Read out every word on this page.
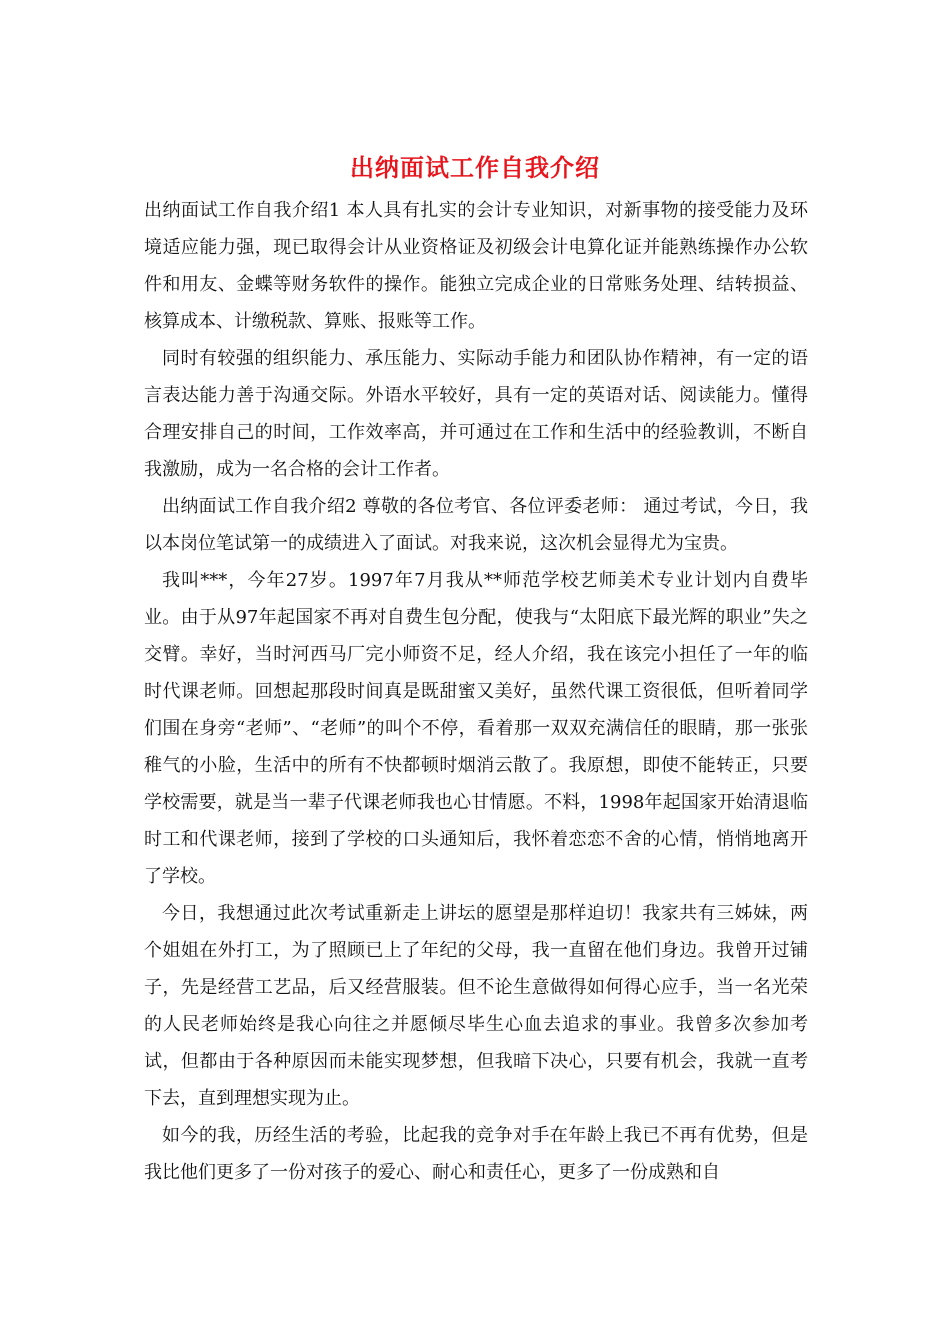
出纳面试工作自我介绍

出纳面试工作自我介绍1 本人具有扎实的会计专业知识，对新事物的接受能力及环境适应能力强，现已取得会计从业资格证及初级会计电算化证并能熟练操作办公软件和用友、金蝶等财务软件的操作。能独立完成企业的日常账务处理、结转损益、核算成本、计缴税款、算账、报账等工作。

同时有较强的组织能力、承压能力、实际动手能力和团队协作精神，有一定的语言表达能力善于沟通交际。外语水平较好，具有一定的英语对话、阅读能力。懂得合理安排自己的时间，工作效率高，并可通过在工作和生活中的经验教训，不断自我激励，成为一名合格的会计工作者。

出纳面试工作自我介绍2 尊敬的各位考官、各位评委老师： 通过考试，今日，我以本岗位笔试第一的成绩进入了面试。对我来说，这次机会显得尤为宝贵。

我叫***，今年27岁。1997年7月我从**师范学校艺师美术专业计划内自费毕业。由于从97年起国家不再对自费生包分配，使我与“太阳底下最光辉的职业”失之交臂。幸好，当时河西马厂完小师资不足，经人介绍，我在该完小担任了一年的临时代课老师。回想起那段时间真是既甜蜜又美好，虽然代课工资很低，但听着同学们围在身旁“老师”、“老师”的叫个不停，看着那一双双充满信任的眼睛，那一张张稚气的小脸，生活中的所有不快都顿时烟消云散了。我原想，即使不能转正，只要学校需要，就是当一辈子代课老师我也心甘情愿。不料，1998年起国家开始清退临时工和代课老师，接到了学校的口头通知后，我怀着恋恋不舍的心情，悄悄地离开了学校。

今日，我想通过此次考试重新走上讲坛的愿望是那样迫切！我家共有三姊妹，两个姐姐在外打工，为了照顾已上了年纪的父母，我一直留在他们身边。我曾开过铺子，先是经营工艺品，后又经营服装。但不论生意做得如何得心应手，当一名光荣的人民老师始终是我心向往之并愿倾尽毕生心血去追求的事业。我曾多次参加考试，但都由于各种原因而未能实现梦想，但我暗下决心，只要有机会，我就一直考下去，直到理想实现为止。

如今的我，历经生活的考验，比起我的竞争对手在年龄上我已不再有优势，但是我比他们更多了一份对孩子的爱心、耐心和责任心，更多了一份成熟和自
